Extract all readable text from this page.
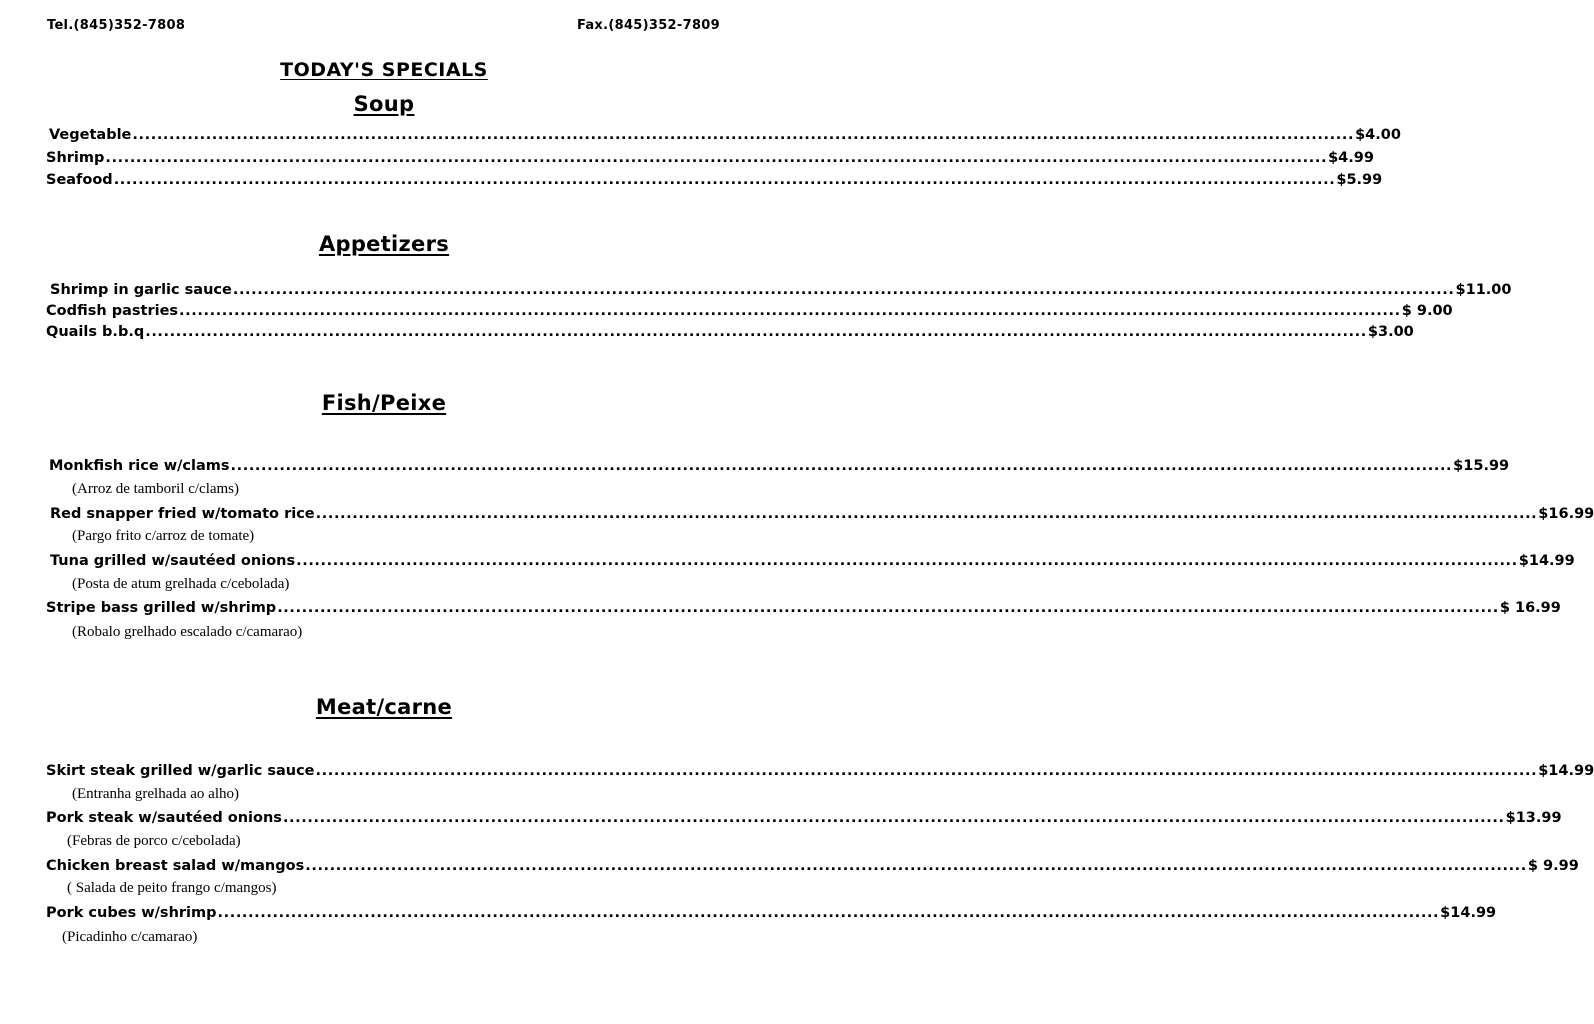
Tel.(845)352-7808	Fax.(845)352-7809
TODAY'S SPECIALS
Soup
Vegetable ........................................................................................................................................................................................................ $4.00
Shrimp ........................................................................................................................................................................................................ $4.99
Seafood ........................................................................................................................................................................................................ $5.99
Appetizers
Shrimp in garlic sauce ........................................................................................................................................................................................................ $11.00
Codfish pastries ........................................................................................................................................................................................................ $ 9.00
Quails b.b.q ........................................................................................................................................................................................................ $3.00
Fish/Peixe
Monkfish rice w/clams ........................................................................................................................................................................................................ $15.99
(Arroz de tamboril c/clams)
Red snapper fried w/tomato rice ........................................................................................................................................................................................................ $16.99
(Pargo frito c/arroz de tomate)
Tuna grilled w/sautéed onions ........................................................................................................................................................................................................ $14.99
(Posta de atum grelhada c/cebolada)
Stripe bass grilled w/shrimp ........................................................................................................................................................................................................ $ 16.99
(Robalo grelhado escalado c/camarao)
Meat/carne
Skirt steak grilled w/garlic sauce ........................................................................................................................................................................................................ $14.99
(Entranha grelhada ao alho)
Pork steak w/sautéed onions ........................................................................................................................................................................................................ $13.99
(Febras de porco c/cebolada)
Chicken breast salad w/mangos ........................................................................................................................................................................................................ $ 9.99
( Salada de peito frango c/mangos)
Pork cubes w/shrimp ........................................................................................................................................................................................................ $14.99
(Picadinho c/camarao)
